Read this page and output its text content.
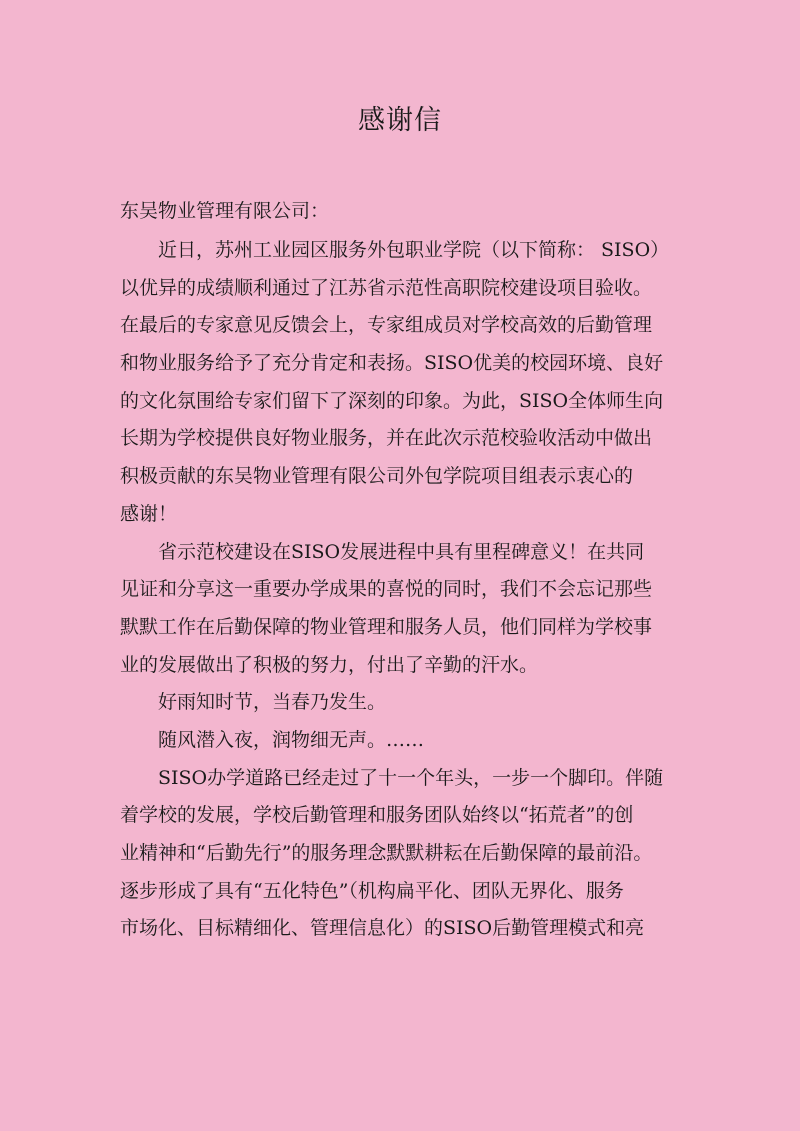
感谢信

东吴物业管理有限公司：

近日，苏州工业园区服务外包职业学院（以下简称： SISO）
以优异的成绩顺利通过了江苏省示范性高职院校建设项目验收。
在最后的专家意见反馈会上，专家组成员对学校高效的后勤管理
和物业服务给予了充分肯定和表扬。SISO优美的校园环境、良好
的文化氛围给专家们留下了深刻的印象。为此，SISO全体师生向
长期为学校提供良好物业服务，并在此次示范校验收活动中做出
积极贡献的东吴物业管理有限公司外包学院项目组表示衷心的
感谢！
省示范校建设在SISO发展进程中具有里程碑意义！在共同
见证和分享这一重要办学成果的喜悦的同时，我们不会忘记那些
默默工作在后勤保障的物业管理和服务人员，他们同样为学校事
业的发展做出了积极的努力，付出了辛勤的汗水。
好雨知时节，当春乃发生。
随风潜入夜，润物细无声。……
SISO办学道路已经走过了十一个年头，一步一个脚印。伴随
着学校的发展，学校后勤管理和服务团队始终以“拓荒者”的创
业精神和“后勤先行”的服务理念默默耕耘在后勤保障的最前沿。
逐步形成了具有“五化特色”（机构扁平化、团队无界化、服务
市场化、目标精细化、管理信息化）的SISO后勤管理模式和亮
